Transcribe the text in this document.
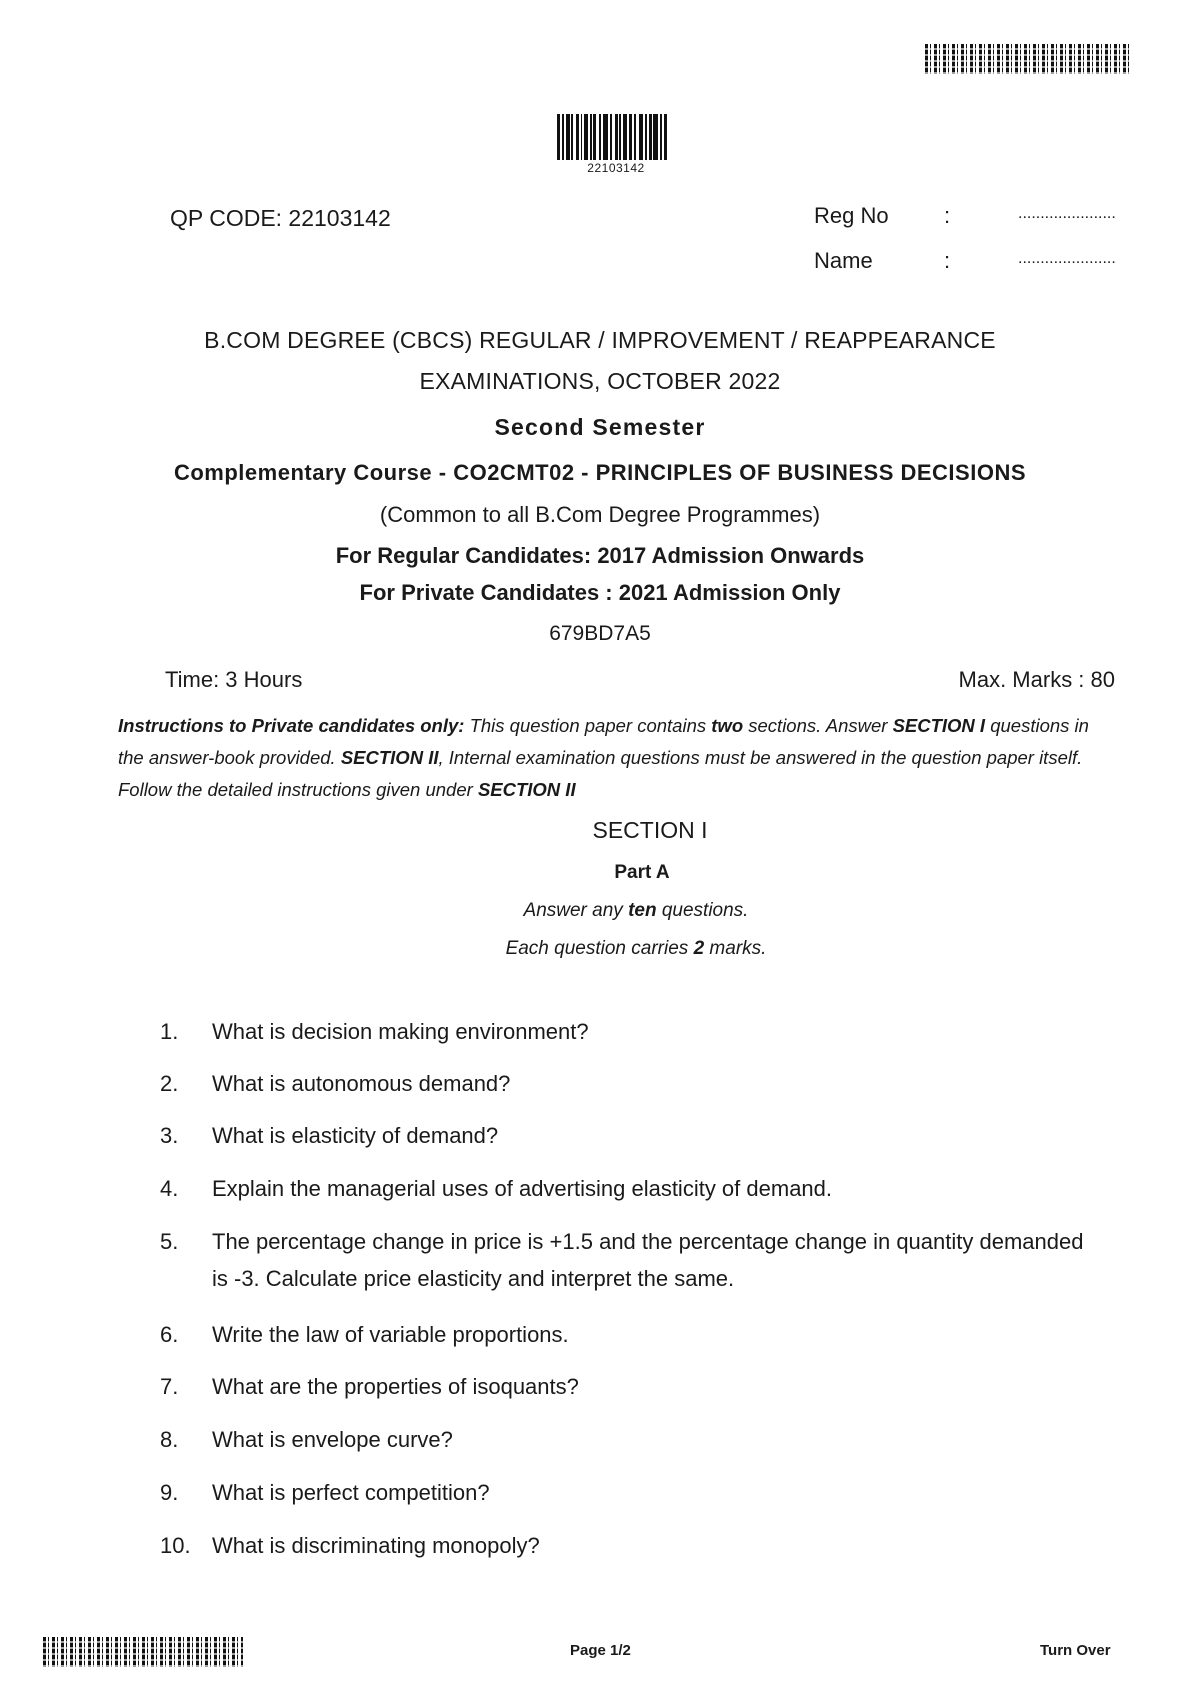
22103142
QP CODE: 22103142	Reg No	:	......................
Name	:	......................
B.COM DEGREE (CBCS) REGULAR / IMPROVEMENT / REAPPEARANCE
EXAMINATIONS, OCTOBER 2022
Second Semester
Complementary Course - CO2CMT02 - PRINCIPLES OF BUSINESS DECISIONS
(Common to all B.Com Degree Programmes)
For Regular Candidates: 2017 Admission Onwards
For Private Candidates : 2021 Admission Only
679BD7A5
Time: 3 Hours	Max. Marks : 80
Instructions to Private candidates only: This question paper contains two sections. Answer SECTION I questions in the answer-book provided. SECTION II, Internal examination questions must be answered in the question paper itself. Follow the detailed instructions given under SECTION II
SECTION I
Part A
Answer any ten questions.
Each question carries 2 marks.
1.	What is decision making environment?
2.	What is autonomous demand?
3.	What is elasticity of demand?
4.	Explain the managerial uses of advertising elasticity of demand.
5.	The percentage change in price is +1.5 and the percentage change in quantity demanded
is -3. Calculate price elasticity and interpret the same.
6.	Write the law of variable proportions.
7.	What are the properties of isoquants?
8.	What is envelope curve?
9.	What is perfect competition?
10. What is discriminating monopoly?
Page 1/2	Turn Over
